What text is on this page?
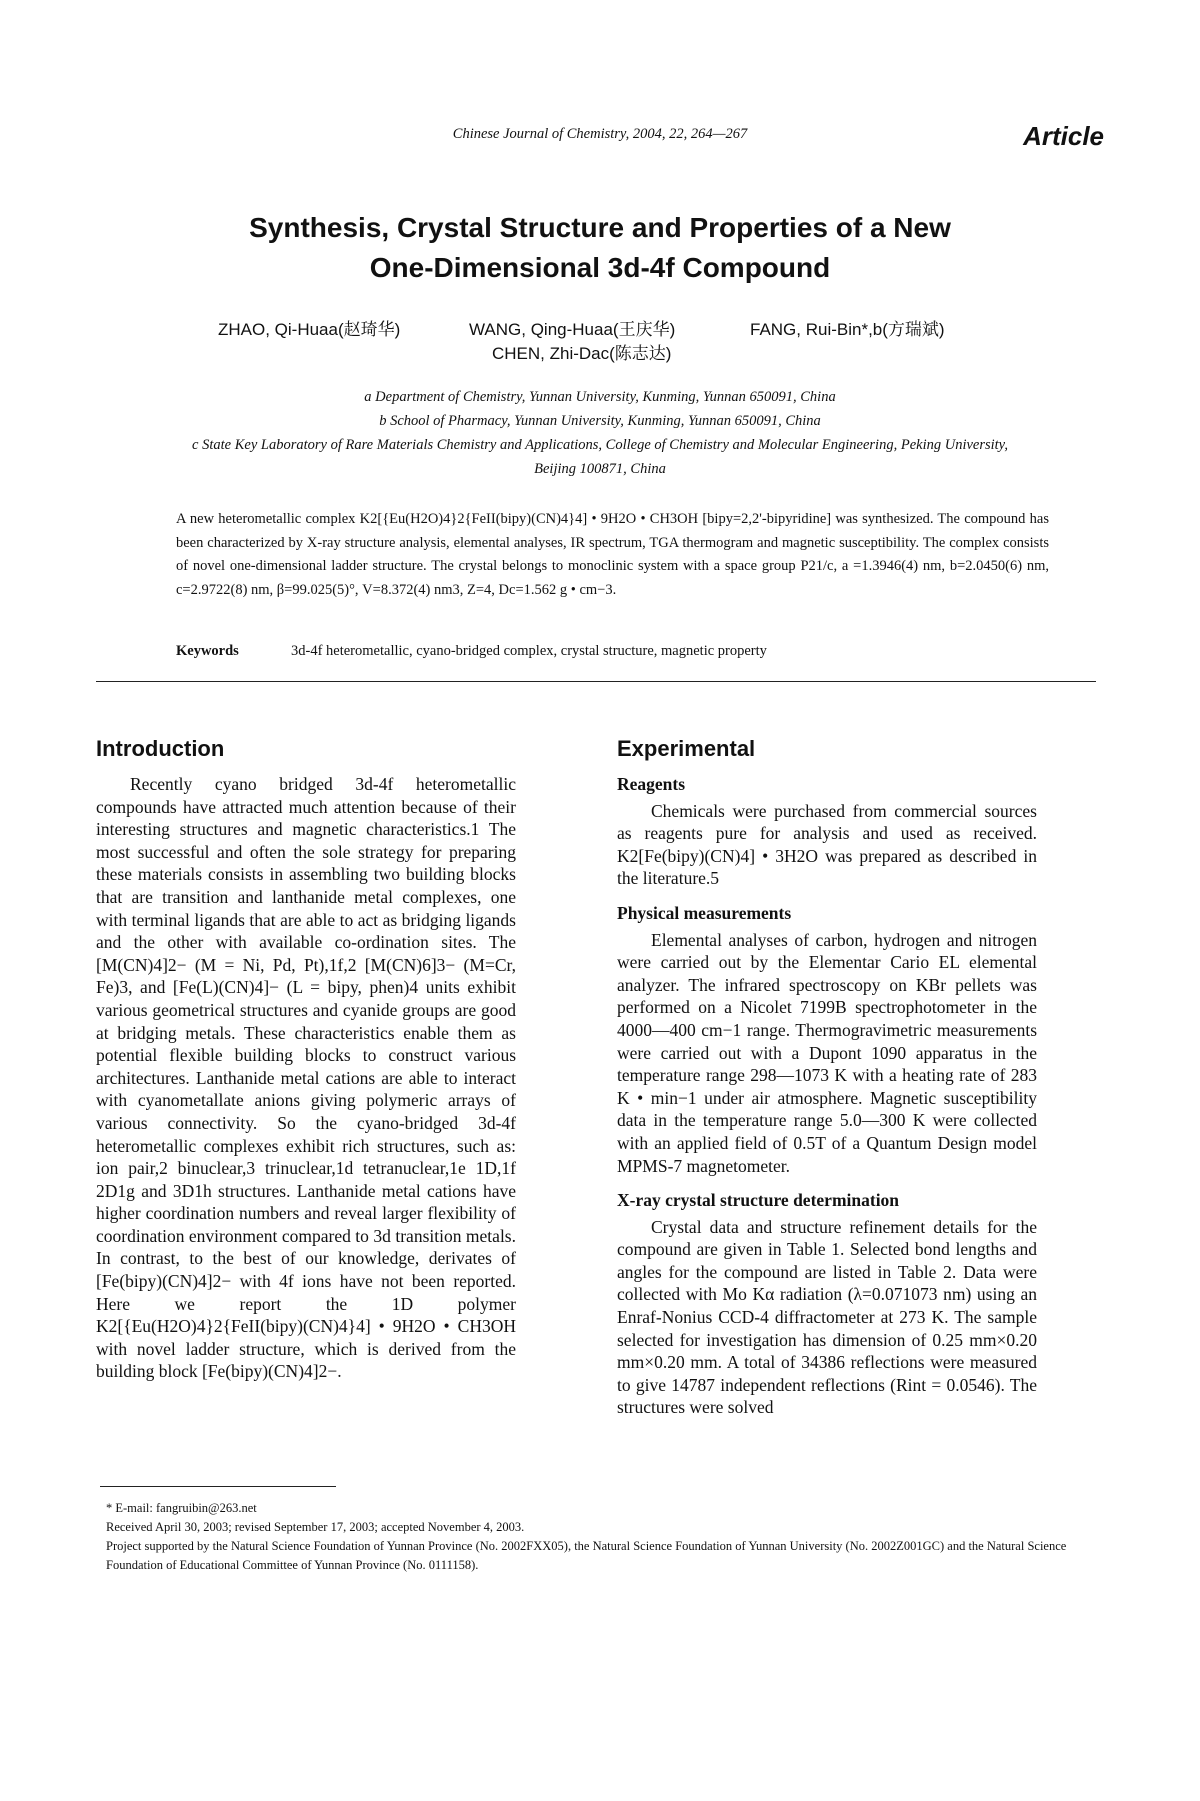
Chinese Journal of Chemistry, 2004, 22, 264—267	Article
Synthesis, Crystal Structure and Properties of a New
One-Dimensional 3d-4f Compound
ZHAO, Qi-Huaa(赵琦华)	WANG, Qing-Huaa(王庆华)	FANG, Rui-Bin*,b(方瑞斌)
CHEN, Zhi-Dac(陈志达)
a Department of Chemistry, Yunnan University, Kunming, Yunnan 650091, China
b School of Pharmacy, Yunnan University, Kunming, Yunnan 650091, China
c State Key Laboratory of Rare Materials Chemistry and Applications, College of Chemistry and Molecular Engineering, Peking University, Beijing 100871, China
A new heterometallic complex K2[{Eu(H2O)4}2{FeII(bipy)(CN)4}4] • 9H2O • CH3OH [bipy=2,2'-bipyridine] was synthesized. The compound has been characterized by X-ray structure analysis, elemental analyses, IR spectrum, TGA thermogram and magnetic susceptibility. The complex consists of novel one-dimensional ladder structure. The crystal belongs to monoclinic system with a space group P21/c, a =1.3946(4) nm, b=2.0450(6) nm, c=2.9722(8) nm, β=99.025(5)°, V=8.372(4) nm3, Z=4, Dc=1.562 g • cm−3.
Keywords	3d-4f heterometallic, cyano-bridged complex, crystal structure, magnetic property
Introduction

Recently cyano bridged 3d-4f heterometallic compounds have attracted much attention because of their interesting structures and magnetic characteristics.1 The most successful and often the sole strategy for preparing these materials consists in assembling two building blocks that are transition and lanthanide metal complexes, one with terminal ligands that are able to act as bridging ligands and the other with available co-ordination sites. The [M(CN)4]2− (M = Ni, Pd, Pt),1f,2 [M(CN)6]3− (M=Cr, Fe)3, and [Fe(L)(CN)4]− (L = bipy, phen)4 units exhibit various geometrical structures and cyanide groups are good at bridging metals. These characteristics enable them as potential flexible building blocks to construct various architectures. Lanthanide metal cations are able to interact with cyanometallate anions giving polymeric arrays of various connectivity. So the cyano-bridged 3d-4f heterometallic complexes exhibit rich structures, such as: ion pair,2 binuclear,3 trinuclear,1d tetranuclear,1e 1D,1f 2D1g and 3D1h structures. Lanthanide metal cations have higher coordination numbers and reveal larger flexibility of coordination environment compared to 3d transition metals. In contrast, to the best of our knowledge, derivates of [Fe(bipy)(CN)4]2− with 4f ions have not been reported. Here we report the 1D polymer K2[{Eu(H2O)4}2{FeII(bipy)(CN)4}4] • 9H2O • CH3OH with novel ladder structure, which is derived from the building block [Fe(bipy)(CN)4]2−.

Experimental
Reagents

Chemicals were purchased from commercial sources as reagents pure for analysis and used as received. K2[Fe(bipy)(CN)4] • 3H2O was prepared as described in the literature.5

Physical measurements

Elemental analyses of carbon, hydrogen and nitrogen were carried out by the Elementar Cario EL elemental analyzer. The infrared spectroscopy on KBr pellets was performed on a Nicolet 7199B spectrophotometer in the 4000—400 cm−1 range. Thermogravimetric measurements were carried out with a Dupont 1090 apparatus in the temperature range 298—1073 K with a heating rate of 283 K • min−1 under air atmosphere. Magnetic susceptibility data in the temperature range 5.0—300 K were collected with an applied field of 0.5T of a Quantum Design model MPMS-7 magnetometer.

X-ray crystal structure determination

Crystal data and structure refinement details for the compound are given in Table 1. Selected bond lengths and angles for the compound are listed in Table 2. Data were collected with Mo Kα radiation (λ=0.071073 nm) using an Enraf-Nonius CCD-4 diffractometer at 273 K. The sample selected for investigation has dimension of 0.25 mm×0.20 mm×0.20 mm. A total of 34386 reflections were measured to give 14787 independent reflections (Rint = 0.0546). The structures were solved

* E-mail: fangruibin@263.net
Received April 30, 2003; revised September 17, 2003; accepted November 4, 2003.
Project supported by the Natural Science Foundation of Yunnan Province (No. 2002FXX05), the Natural Science Foundation of Yunnan University (No. 2002Z001GC) and the Natural Science Foundation of Educational Committee of Yunnan Province (No. 0111158).
